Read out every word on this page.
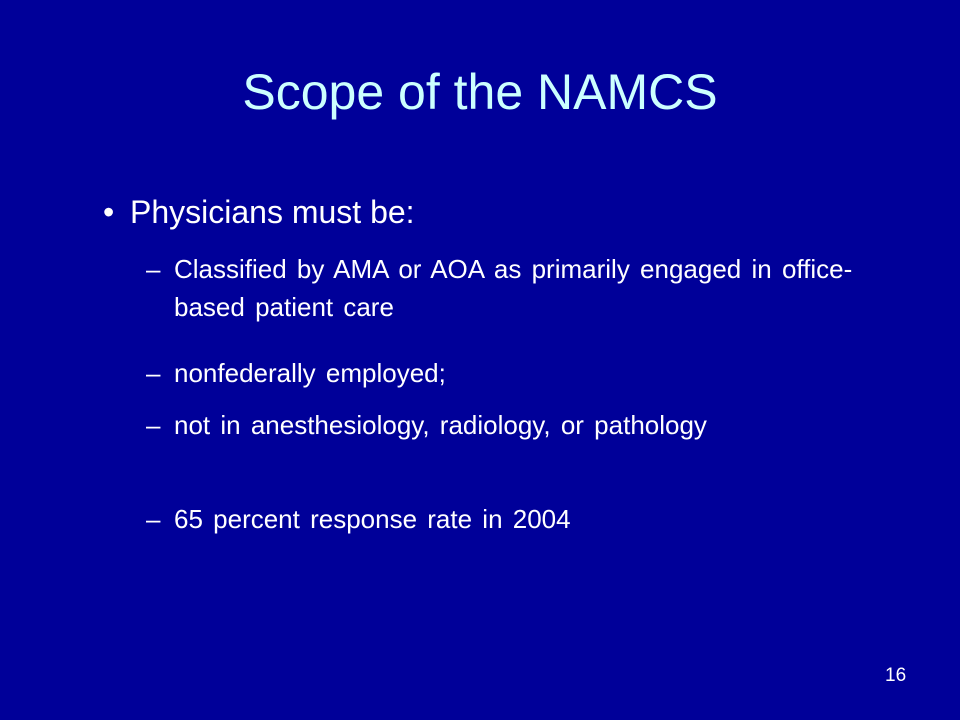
Scope of the NAMCS
• Physicians must be:
– Classified by AMA or AOA as primarily engaged in office-based patient care
– nonfederally employed;
– not in anesthesiology, radiology, or pathology
– 65 percent response rate in 2004
16
